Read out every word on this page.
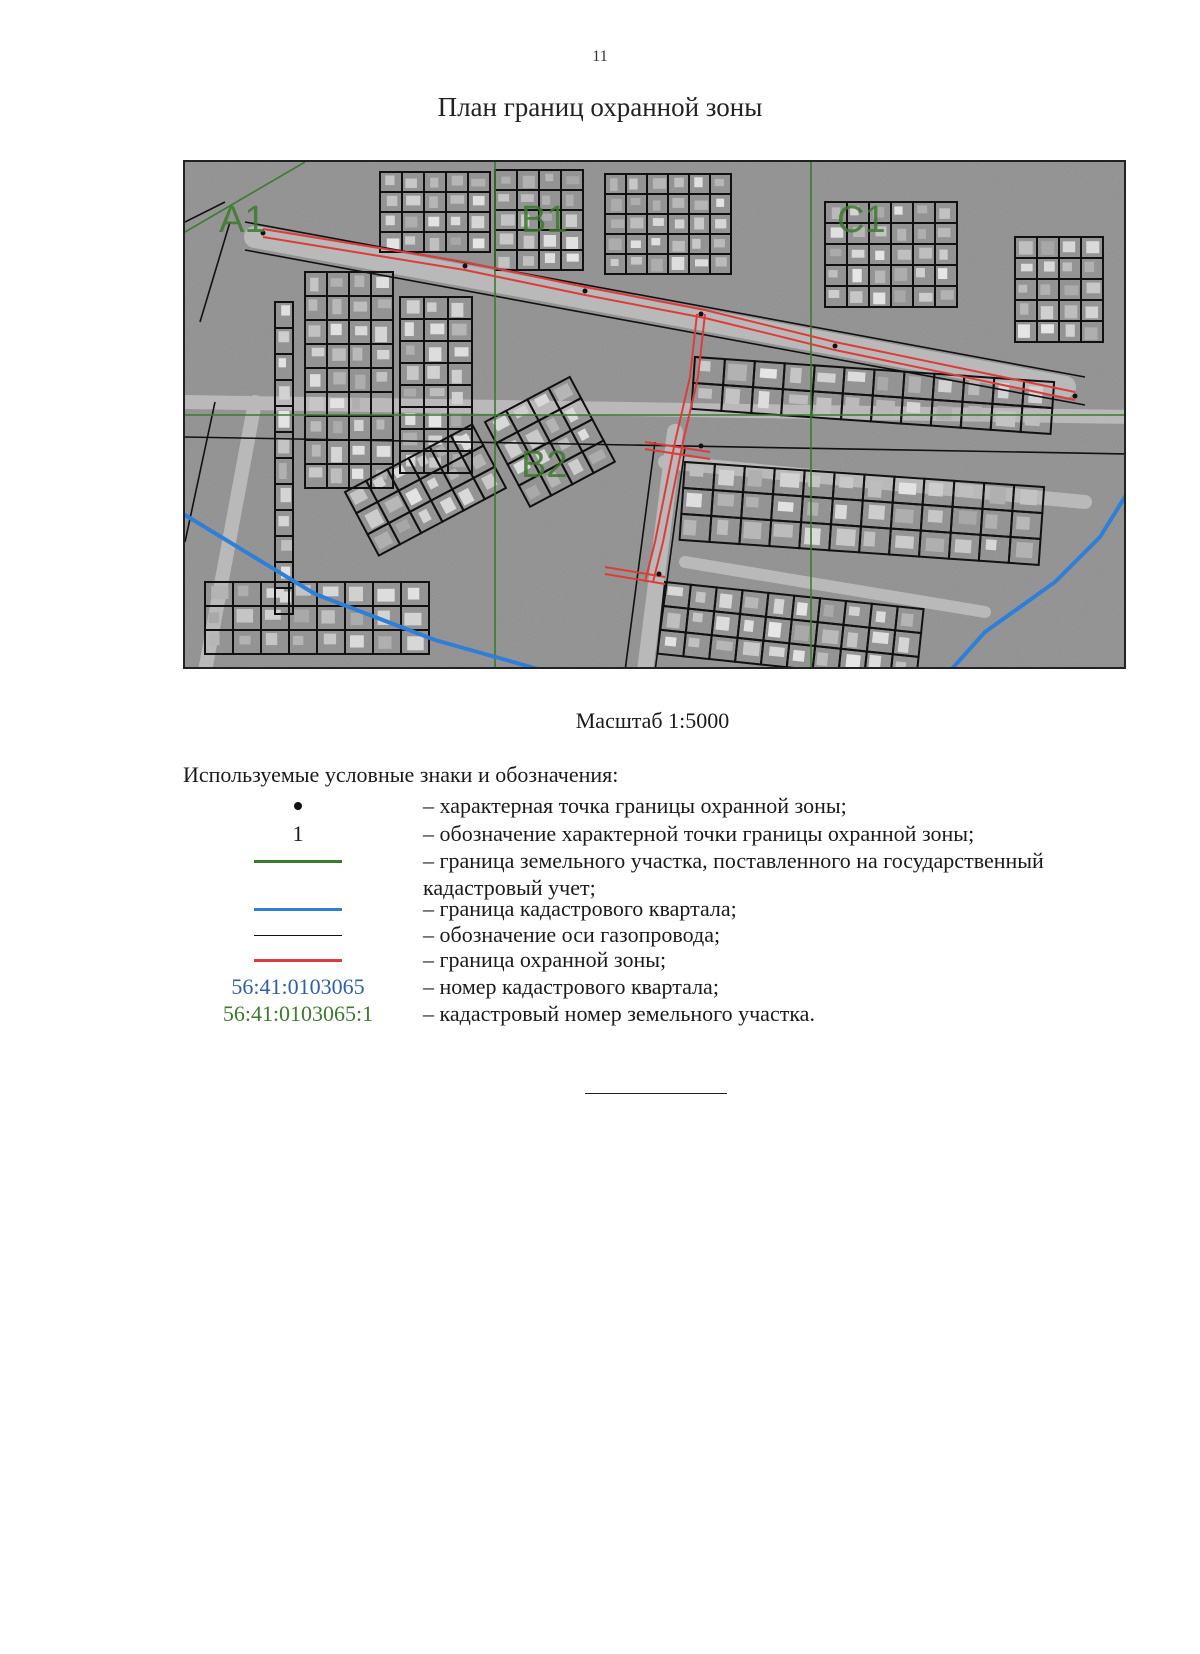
11
План границ охранной зоны
A1	B1	C1
B2
Масштаб 1:5000
Используемые условные знаки и обозначения:
– характерная точка границы охранной зоны;
1	– обозначение характерной точки границы охранной зоны;
– граница земельного участка, поставленного на государственный кадастровый учет;
– граница кадастрового квартала;
– обозначение оси газопровода;
– граница охранной зоны;
56:41:0103065	– номер кадастрового квартала;
56:41:0103065:1 – кадастровый номер земельного участка.
